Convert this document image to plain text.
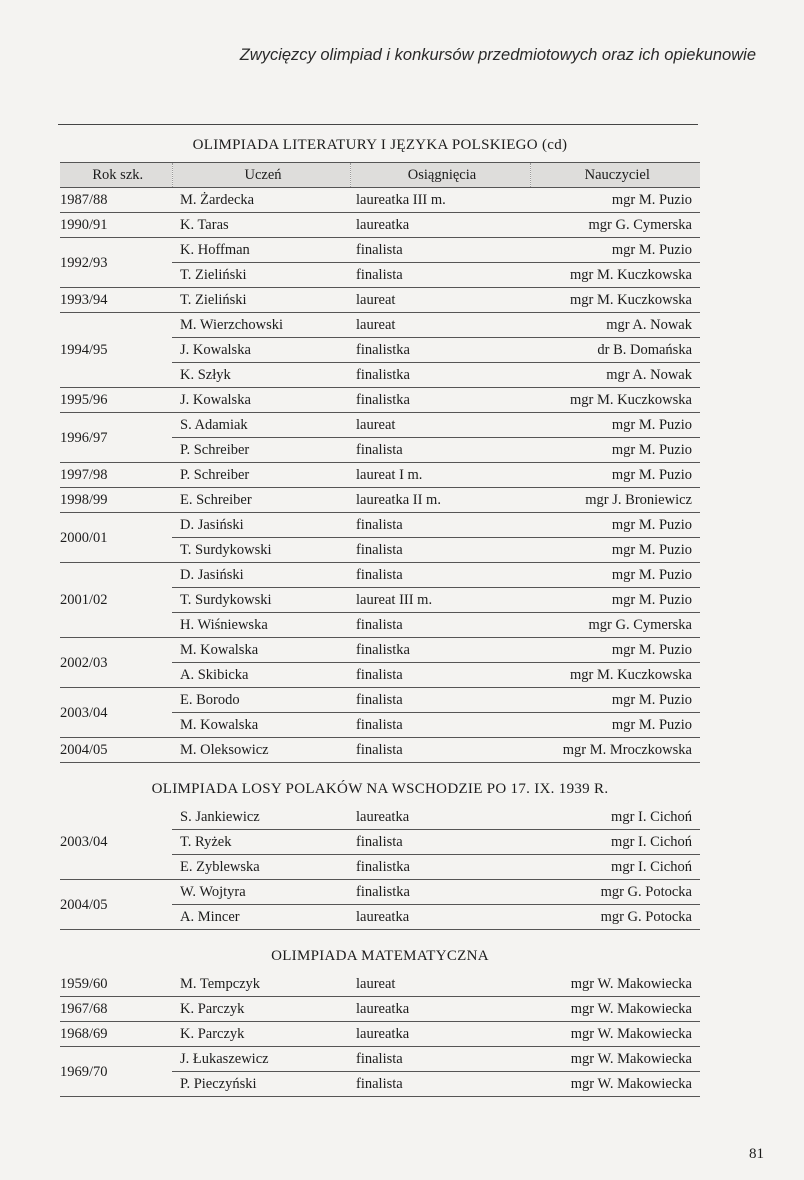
Zwycięzcy olimpiad i konkursów przedmiotowych oraz ich opiekunowie
OLIMPIADA LITERATURY I JĘZYKA POLSKIEGO (cd)
Rok szk.	Uczeń	Osiągnięcia	Nauczyciel
1987/88	M. Żardecka	laureatka III m.	mgr M. Puzio
1990/91	K. Taras	laureatka	mgr G. Cymerska
1992/93	K. Hoffman	finalista	mgr M. Puzio
	T. Zieliński	finalista	mgr M. Kuczkowska
1993/94	T. Zieliński	laureat	mgr M. Kuczkowska
1994/95	M. Wierzchowski	laureat	mgr A. Nowak
	J. Kowalska	finalistka	dr B. Domańska
	K. Szłyk	finalistka	mgr A. Nowak
1995/96	J. Kowalska	finalistka	mgr M. Kuczkowska
1996/97	S. Adamiak	laureat	mgr M. Puzio
	P. Schreiber	finalista	mgr M. Puzio
1997/98	P. Schreiber	laureat I m.	mgr M. Puzio
1998/99	E. Schreiber	laureatka II m.	mgr J. Broniewicz
2000/01	D. Jasiński	finalista	mgr M. Puzio
	T. Surdykowski	finalista	mgr M. Puzio
2001/02	D. Jasiński	finalista	mgr M. Puzio
	T. Surdykowski	laureat III m.	mgr M. Puzio
	H. Wiśniewska	finalista	mgr G. Cymerska
2002/03	M. Kowalska	finalistka	mgr M. Puzio
	A. Skibicka	finalista	mgr M. Kuczkowska
2003/04	E. Borodo	finalista	mgr M. Puzio
	M. Kowalska	finalista	mgr M. Puzio
2004/05	M. Oleksowicz	finalista	mgr M. Mroczkowska
OLIMPIADA LOSY POLAKÓW NA WSCHODZIE PO 17. IX. 1939 R.
2003/04	S. Jankiewicz	laureatka	mgr I. Cichoń
	T. Ryżek	finalista	mgr I. Cichoń
	E. Zyblewska	finalistka	mgr I. Cichoń
2004/05	W. Wojtyra	finalistka	mgr G. Potocka
	A. Mincer	laureatka	mgr G. Potocka
OLIMPIADA MATEMATYCZNA
1959/60	M. Tempczyk	laureat	mgr W. Makowiecka
1967/68	K. Parczyk	laureatka	mgr W. Makowiecka
1968/69	K. Parczyk	laureatka	mgr W. Makowiecka
1969/70	J. Łukaszewicz	finalista	mgr W. Makowiecka
	P. Pieczyński	finalista	mgr W. Makowiecka
81
